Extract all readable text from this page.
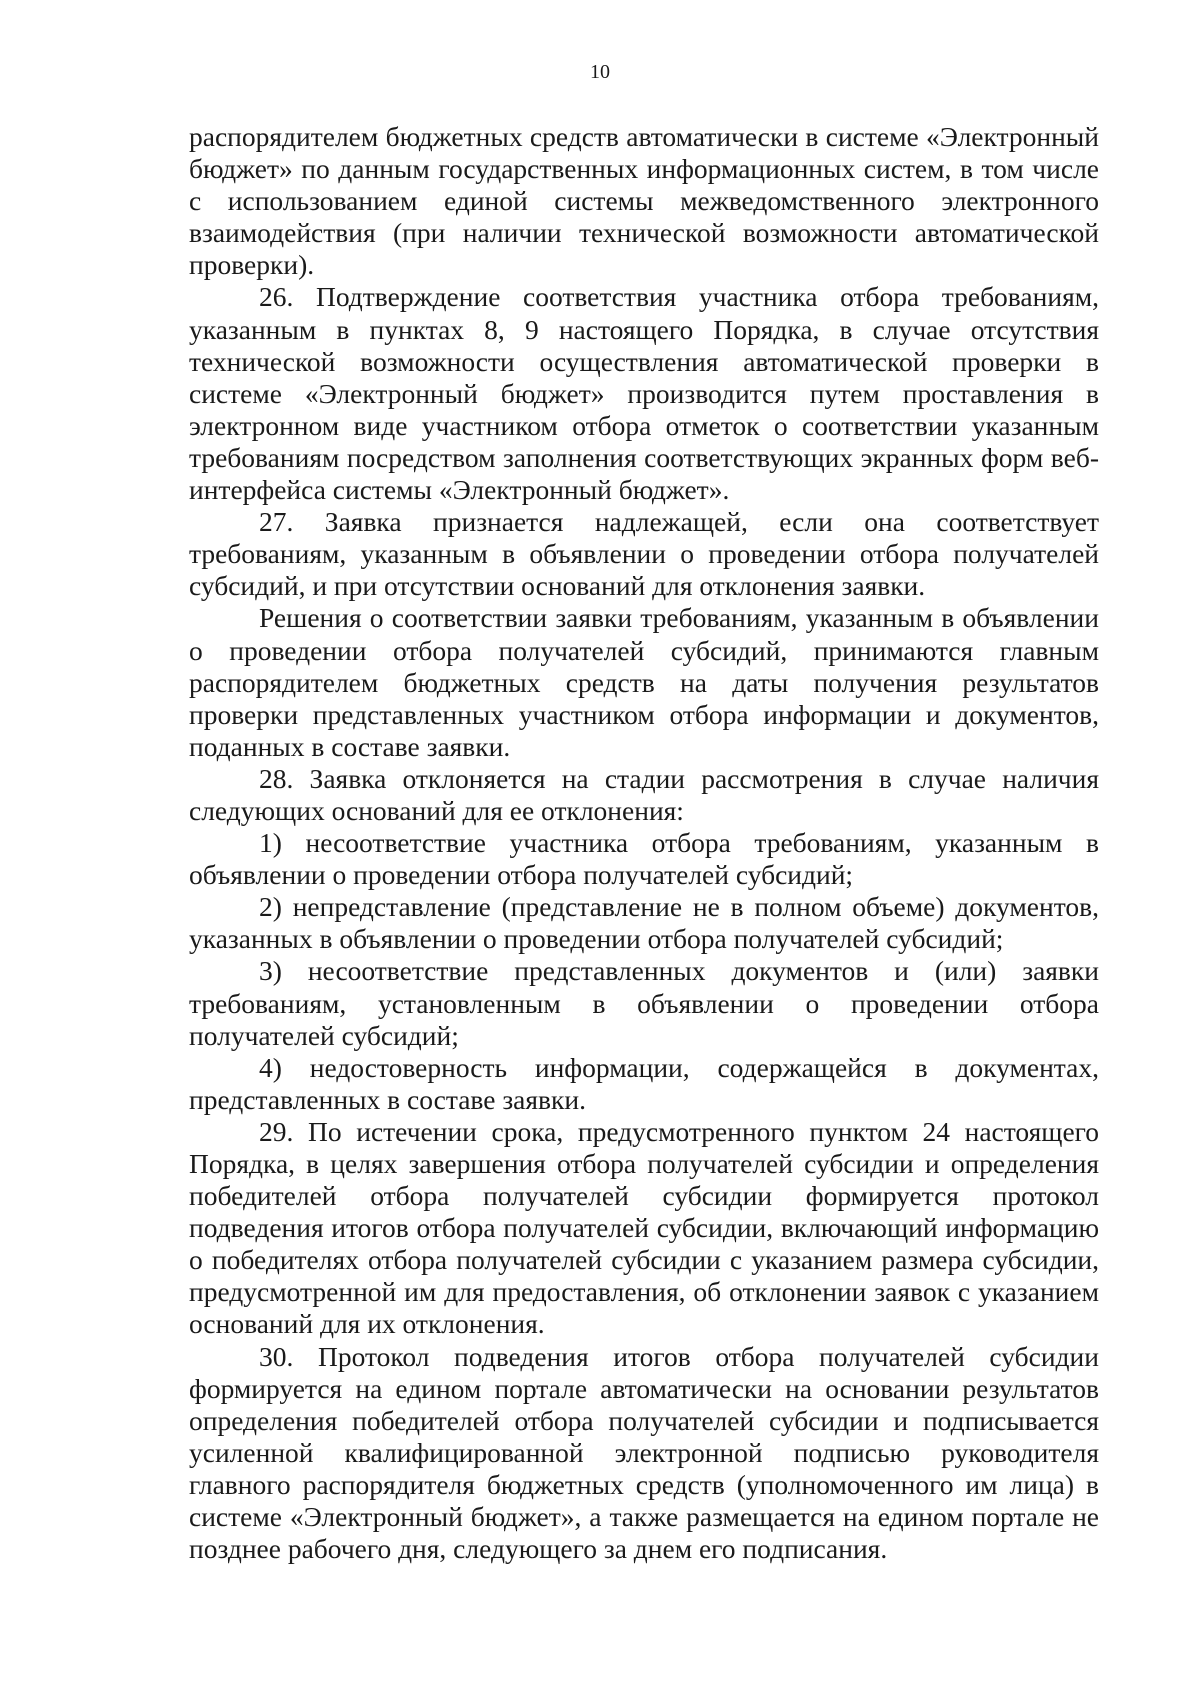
10

распорядителем бюджетных средств автоматически в системе «Электронный бюджет» по данным государственных информационных систем, в том числе с использованием единой системы межведомственного электронного взаимодействия (при наличии технической возможности автоматической проверки).

26. Подтверждение соответствия участника отбора требованиям, указанным в пунктах 8, 9 настоящего Порядка, в случае отсутствия технической возможности осуществления автоматической проверки в системе «Электронный бюджет» производится путем проставления в электронном виде участником отбора отметок о соответствии указанным требованиям посредством заполнения соответствующих экранных форм веб-интерфейса системы «Электронный бюджет».

27. Заявка признается надлежащей, если она соответствует требованиям, указанным в объявлении о проведении отбора получателей субсидий, и при отсутствии оснований для отклонения заявки.

Решения о соответствии заявки требованиям, указанным в объявлении о проведении отбора получателей субсидий, принимаются главным распорядителем бюджетных средств на даты получения результатов проверки представленных участником отбора информации и документов, поданных в составе заявки.

28. Заявка отклоняется на стадии рассмотрения в случае наличия следующих оснований для ее отклонения:

1) несоответствие участника отбора требованиям, указанным в объявлении о проведении отбора получателей субсидий;

2) непредставление (представление не в полном объеме) документов, указанных в объявлении о проведении отбора получателей субсидий;

3) несоответствие представленных документов и (или) заявки требованиям, установленным в объявлении о проведении отбора получателей субсидий;

4) недостоверность информации, содержащейся в документах, представленных в составе заявки.

29. По истечении срока, предусмотренного пунктом 24 настоящего Порядка, в целях завершения отбора получателей субсидии и определения победителей отбора получателей субсидии формируется протокол подведения итогов отбора получателей субсидии, включающий информацию о победителях отбора получателей субсидии с указанием размера субсидии, предусмотренной им для предоставления, об отклонении заявок с указанием оснований для их отклонения.

30. Протокол подведения итогов отбора получателей субсидии формируется на едином портале автоматически на основании результатов определения победителей отбора получателей субсидии и подписывается усиленной квалифицированной электронной подписью руководителя главного распорядителя бюджетных средств (уполномоченного им лица) в системе «Электронный бюджет», а также размещается на едином портале не позднее рабочего дня, следующего за днем его подписания.
